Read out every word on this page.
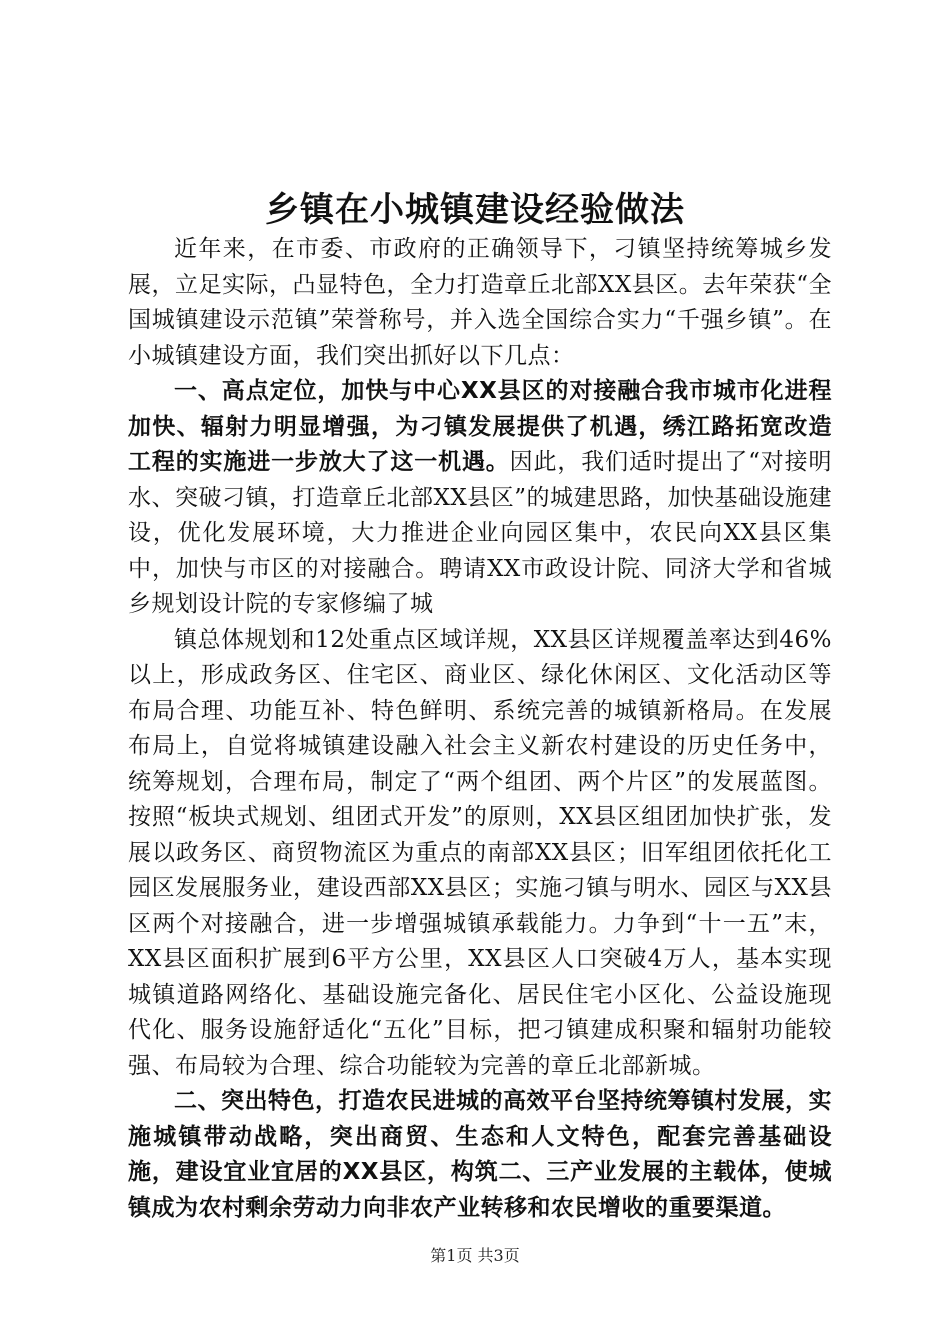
乡镇在小城镇建设经验做法

近年来，在市委、市政府的正确领导下，刁镇坚持统筹城乡发展，立足实际，凸显特色，全力打造章丘北部XX县区。去年荣获“全国城镇建设示范镇”荣誉称号，并入选全国综合实力“千强乡镇”。在小城镇建设方面，我们突出抓好以下几点：

一、高点定位，加快与中心XX县区的对接融合我市城市化进程加快、辐射力明显增强，为刁镇发展提供了机遇，绣江路拓宽改造工程的实施进一步放大了这一机遇。因此，我们适时提出了“对接明水、突破刁镇，打造章丘北部XX县区”的城建思路，加快基础设施建设，优化发展环境，大力推进企业向园区集中，农民向XX县区集中，加快与市区的对接融合。聘请XX市政设计院、同济大学和省城乡规划设计院的专家修编了城

镇总体规划和12处重点区域详规，XX县区详规覆盖率达到46%以上，形成政务区、住宅区、商业区、绿化休闲区、文化活动区等布局合理、功能互补、特色鲜明、系统完善的城镇新格局。在发展布局上，自觉将城镇建设融入社会主义新农村建设的历史任务中，统筹规划，合理布局，制定了“两个组团、两个片区”的发展蓝图。按照“板块式规划、组团式开发”的原则，XX县区组团加快扩张，发展以政务区、商贸物流区为重点的南部XX县区；旧军组团依托化工园区发展服务业，建设西部XX县区；实施刁镇与明水、园区与XX县区两个对接融合，进一步增强城镇承载能力。力争到“十一五”末，XX县区面积扩展到6平方公里，XX县区人口突破4万人，基本实现城镇道路网络化、基础设施完备化、居民住宅小区化、公益设施现代化、服务设施舒适化“五化”目标，把刁镇建成积聚和辐射功能较强、布局较为合理、综合功能较为完善的章丘北部新城。

二、突出特色，打造农民进城的高效平台坚持统筹镇村发展，实施城镇带动战略，突出商贸、生态和人文特色，配套完善基础设施，建设宜业宜居的XX县区，构筑二、三产业发展的主载体，使城镇成为农村剩余劳动力向非农产业转移和农民增收的重要渠道。

第1页 共3页
